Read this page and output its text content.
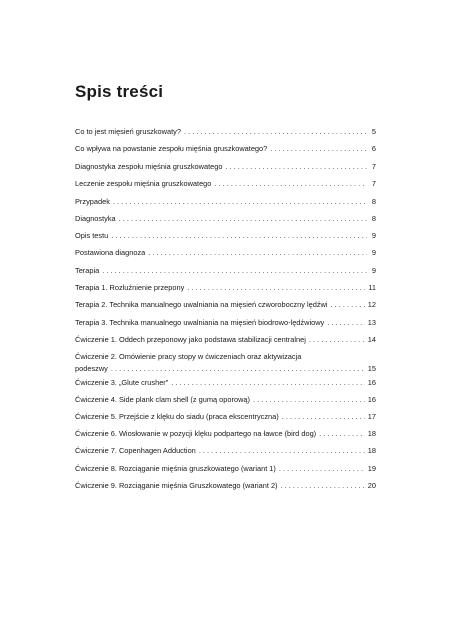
Spis treści
Co to jest mięsień gruszkowaty? . . .	5
Co wpływa na powstanie zespołu mięśnia gruszkowatego? . . .	6
Diagnostyka zespołu mięśnia gruszkowatego . . .	7
Leczenie zespołu mięśnia gruszkowatego . . .	7
Przypadek . . .	8
Diagnostyka . . .	8
Opis testu . . .	9
Postawiona diagnoza . . .	9
Terapia . . .	9
Terapia 1. Rozluźnienie przepony . . .	11
Terapia 2. Technika manualnego uwalniania na mięsień czworoboczny lędźwi . . .	12
Terapia 3. Technika manualnego uwalniania na mięsień biodrowo-lędźwiowy . . .	13
Ćwiczenie 1. Oddech przeponowy jako podstawa stabilizacji centralnej . . .	14
Ćwiczenie 2. Omówienie pracy stopy w ćwiczeniach oraz aktywizacja
podeszwy . . .	15
Ćwiczenie 3. „Glute crusher” . . .	16
Ćwiczenie 4. Side plank clam shell (z gumą oporową) . . .	16
Ćwiczenie 5. Przejście z klęku do siadu (praca ekscentryczna) . . .	17
Ćwiczenie 6. Wiosłowanie w pozycji klęku podpartego na ławce (bird dog) . . .	18
Ćwiczenie 7. Copenhagen Adduction . . .	18
Ćwiczenie 8. Rozciąganie mięśnia gruszkowatego (wariant 1) . . .	19
Ćwiczenie 9. Rozciąganie mięśnia Gruszkowatego (wariant 2) . . .	20
